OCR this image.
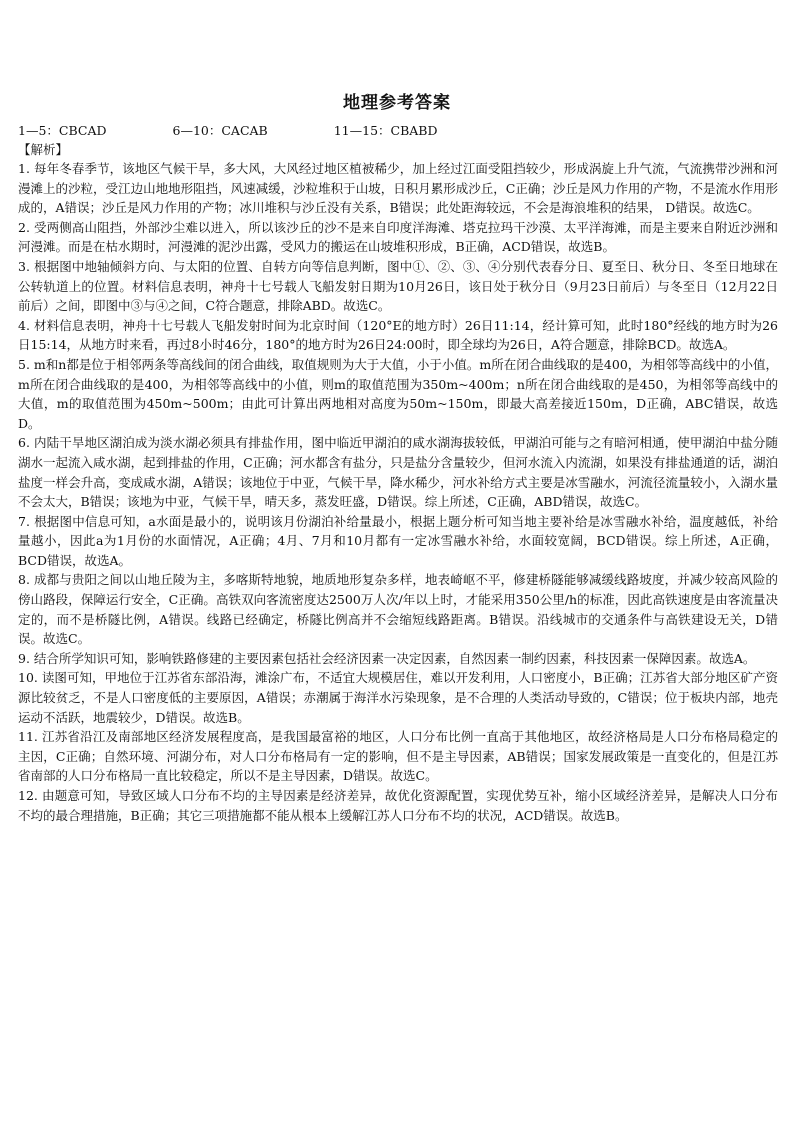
地理参考答案
1—5：CBCAD	6—10：CACAB	11—15：CBABD
【解析】

1. 每年冬春季节，该地区气候干旱，多大风，大风经过地区植被稀少，加上经过江面受阻挡较少，形成涡旋上升气流，气流携带沙洲和河漫滩上的沙粒，受江边山地地形阻挡，风速减缓，沙粒堆积于山坡，日积月累形成沙丘，C正确；沙丘是风力作用的产物，不是流水作用形成的，A错误；沙丘是风力作用的产物；冰川堆积与沙丘没有关系，B错误；此处距海较远，不会是海浪堆积的结果， D错误。故选C。

2. 受两侧高山阻挡，外部沙尘难以进入，所以该沙丘的沙不是来自印度洋海滩、塔克拉玛干沙漠、太平洋海滩，而是主要来自附近沙洲和河漫滩。而是在枯水期时，河漫滩的泥沙出露，受风力的搬运在山坡堆积形成，B正确，ACD错误，故选B。

3. 根据图中地轴倾斜方向、与太阳的位置、自转方向等信息判断，图中①、②、③、④分别代表春分日、夏至日、秋分日、冬至日地球在公转轨道上的位置。材料信息表明，神舟十七号载人飞船发射日期为10月26日，该日处于秋分日（9月23日前后）与冬至日（12月22日前后）之间，即图中③与④之间，C符合题意，排除ABD。故选C。

4. 材料信息表明，神舟十七号载人飞船发射时间为北京时间（120°E的地方时）26日11:14，经计算可知，此时180°经线的地方时为26日15:14，从地方时来看，再过8小时46分，180°的地方时为26日24:00时，即全球均为26日，A符合题意，排除BCD。故选A。

5. m和n都是位于相邻两条等高线间的闭合曲线，取值规则为大于大值，小于小值。m所在闭合曲线取的是400，为相邻等高线中的小值，m所在闭合曲线取的是400，为相邻等高线中的小值，则m的取值范围为350m~400m；n所在闭合曲线取的是450，为相邻等高线中的大值，m的取值范围为450m~500m；由此可计算出两地相对高度为50m~150m，即最大高差接近150m，D正确，ABC错误，故选D。

6. 内陆干旱地区湖泊成为淡水湖必须具有排盐作用，图中临近甲湖泊的咸水湖海拔较低，甲湖泊可能与之有暗河相通，使甲湖泊中盐分随湖水一起流入咸水湖，起到排盐的作用，C正确；河水都含有盐分，只是盐分含量较少，但河水流入内流湖，如果没有排盐通道的话，湖泊盐度一样会升高，变成咸水湖，A错误；该地位于中亚，气候干旱，降水稀少，河水补给方式主要是冰雪融水，河流径流量较小，入湖水量不会太大，B错误；该地为中亚，气候干旱，晴天多，蒸发旺盛，D错误。综上所述，C正确，ABD错误，故选C。

7. 根据图中信息可知，a水面是最小的，说明该月份湖泊补给量最小，根据上题分析可知当地主要补给是冰雪融水补给，温度越低，补给量越小，因此a为1月份的水面情况，A正确；4月、7月和10月都有一定冰雪融水补给，水面较宽阔，BCD错误。综上所述，A正确，BCD错误，故选A。

8. 成都与贵阳之间以山地丘陵为主，多喀斯特地貌，地质地形复杂多样，地表崎岖不平，修建桥隧能够减缓线路坡度，并减少较高风险的傍山路段，保障运行安全，C正确。高铁双向客流密度达2500万人次/年以上时，才能采用350公里/h的标准，因此高铁速度是由客流量决定的，而不是桥隧比例，A错误。线路已经确定，桥隧比例高并不会缩短线路距离。B错误。沿线城市的交通条件与高铁建设无关，D错误。故选C。

9. 结合所学知识可知，影响铁路修建的主要因素包括社会经济因素一决定因素，自然因素一制约因素，科技因素一保障因素。故选A。

10. 读图可知，甲地位于江苏省东部沿海，滩涂广布，不适宜大规模居住，难以开发利用，人口密度小，B正确；江苏省大部分地区矿产资源比较贫乏，不是人口密度低的主要原因，A错误；赤潮属于海洋水污染现象，是不合理的人类活动导致的，C错误；位于板块内部，地壳运动不活跃，地震较少，D错误。故选B。

11. 江苏省沿江及南部地区经济发展程度高，是我国最富裕的地区，人口分布比例一直高于其他地区，故经济格局是人口分布格局稳定的主因，C正确；自然环境、河湖分布，对人口分布格局有一定的影响，但不是主导因素，AB错误；国家发展政策是一直变化的，但是江苏省南部的人口分布格局一直比较稳定，所以不是主导因素，D错误。故选C。

12. 由题意可知，导致区域人口分布不均的主导因素是经济差异，故优化资源配置，实现优势互补，缩小区域经济差异，是解决人口分布不均的最合理措施，B正确；其它三项措施都不能从根本上缓解江苏人口分布不均的状况，ACD错误。故选B。
